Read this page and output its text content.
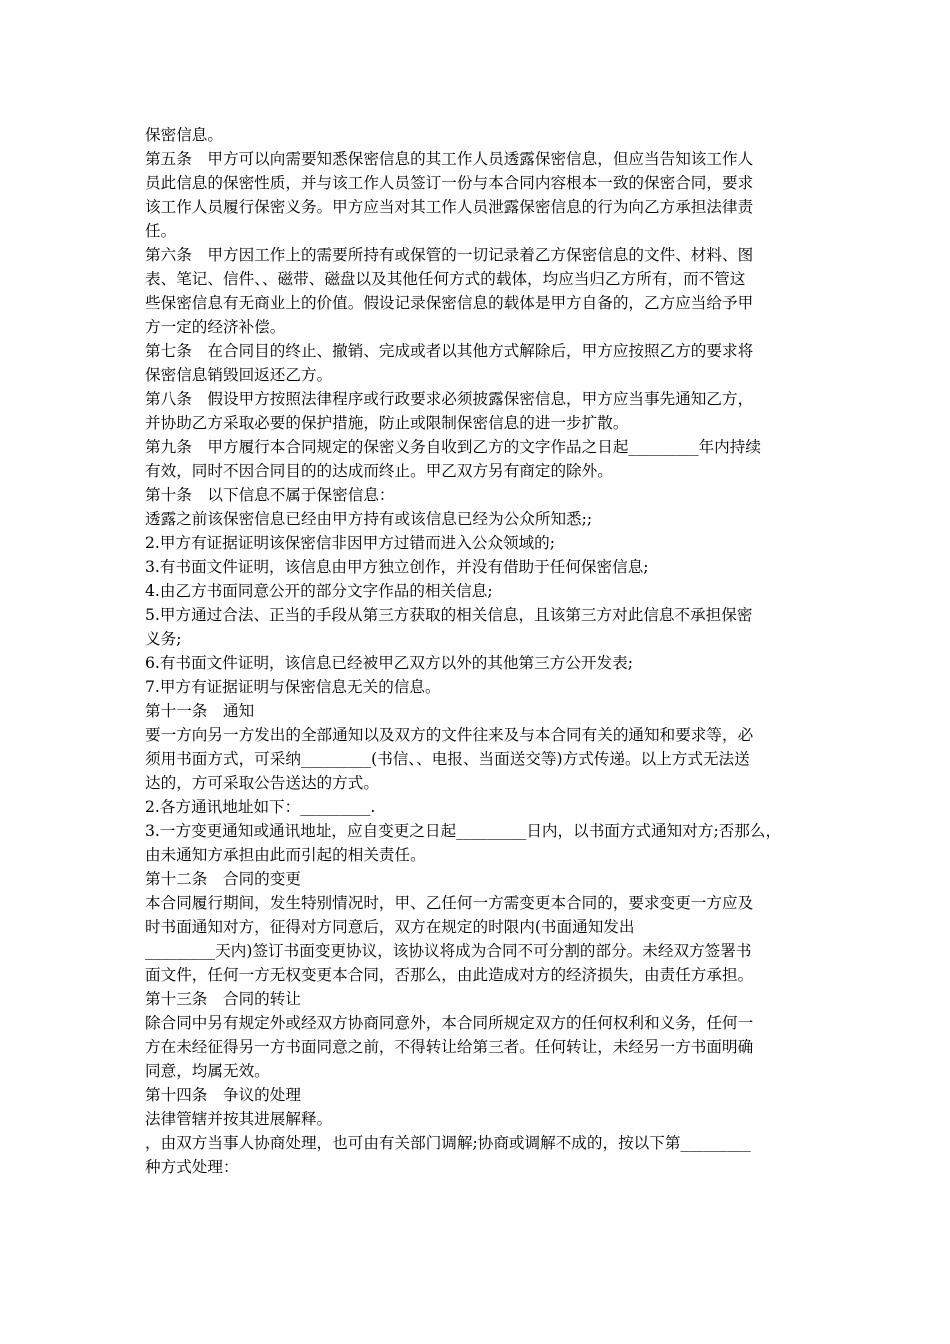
保密信息。
第五条　甲方可以向需要知悉保密信息的其工作人员透露保密信息，但应当告知该工作人
员此信息的保密性质，并与该工作人员签订一份与本合同内容根本一致的保密合同，要求
该工作人员履行保密义务。甲方应当对其工作人员泄露保密信息的行为向乙方承担法律责
任。
第六条　甲方因工作上的需要所持有或保管的一切记录着乙方保密信息的文件、材料、图
表、笔记、信件、、磁带、磁盘以及其他任何方式的载体，均应当归乙方所有，而不管这
些保密信息有无商业上的价值。假设记录保密信息的载体是甲方自备的，乙方应当给予甲
方一定的经济补偿。
第七条　在合同目的终止、撤销、完成或者以其他方式解除后，甲方应按照乙方的要求将
保密信息销毁回返还乙方。
第八条　假设甲方按照法律程序或行政要求必须披露保密信息，甲方应当事先通知乙方，
并协助乙方采取必要的保护措施，防止或限制保密信息的进一步扩散。
第九条　甲方履行本合同规定的保密义务自收到乙方的文字作品之日起_________年内持续
有效，同时不因合同目的的达成而终止。甲乙双方另有商定的除外。
第十条　以下信息不属于保密信息：
透露之前该保密信息已经由甲方持有或该信息已经为公众所知悉;;
2.甲方有证据证明该保密信非因甲方过错而进入公众领域的;
3.有书面文件证明，该信息由甲方独立创作，并没有借助于任何保密信息;
4.由乙方书面同意公开的部分文字作品的相关信息;
5.甲方通过合法、正当的手段从第三方获取的相关信息，且该第三方对此信息不承担保密
义务;
6.有书面文件证明，该信息已经被甲乙双方以外的其他第三方公开发表;
7.甲方有证据证明与保密信息无关的信息。
第十一条　通知
要一方向另一方发出的全部通知以及双方的文件往来及与本合同有关的通知和要求等，必
须用书面方式，可采纳_________(书信、、电报、当面送交等)方式传递。以上方式无法送
达的，方可采取公告送达的方式。
2.各方通讯地址如下：_________.
3.一方变更通知或通讯地址，应自变更之日起_________日内，以书面方式通知对方;否那么，
由未通知方承担由此而引起的相关责任。
第十二条　合同的变更
本合同履行期间，发生特别情况时，甲、乙任何一方需变更本合同的，要求变更一方应及
时书面通知对方，征得对方同意后，双方在规定的时限内(书面通知发出
_________天内)签订书面变更协议，该协议将成为合同不可分割的部分。未经双方签署书
面文件，任何一方无权变更本合同，否那么，由此造成对方的经济损失，由责任方承担。
第十三条　合同的转让
除合同中另有规定外或经双方协商同意外，本合同所规定双方的任何权利和义务，任何一
方在未经征得另一方书面同意之前，不得转让给第三者。任何转让，未经另一方书面明确
同意，均属无效。
第十四条　争议的处理
法律管辖并按其进展解释。
，由双方当事人协商处理，也可由有关部门调解;协商或调解不成的，按以下第_________
种方式处理：
